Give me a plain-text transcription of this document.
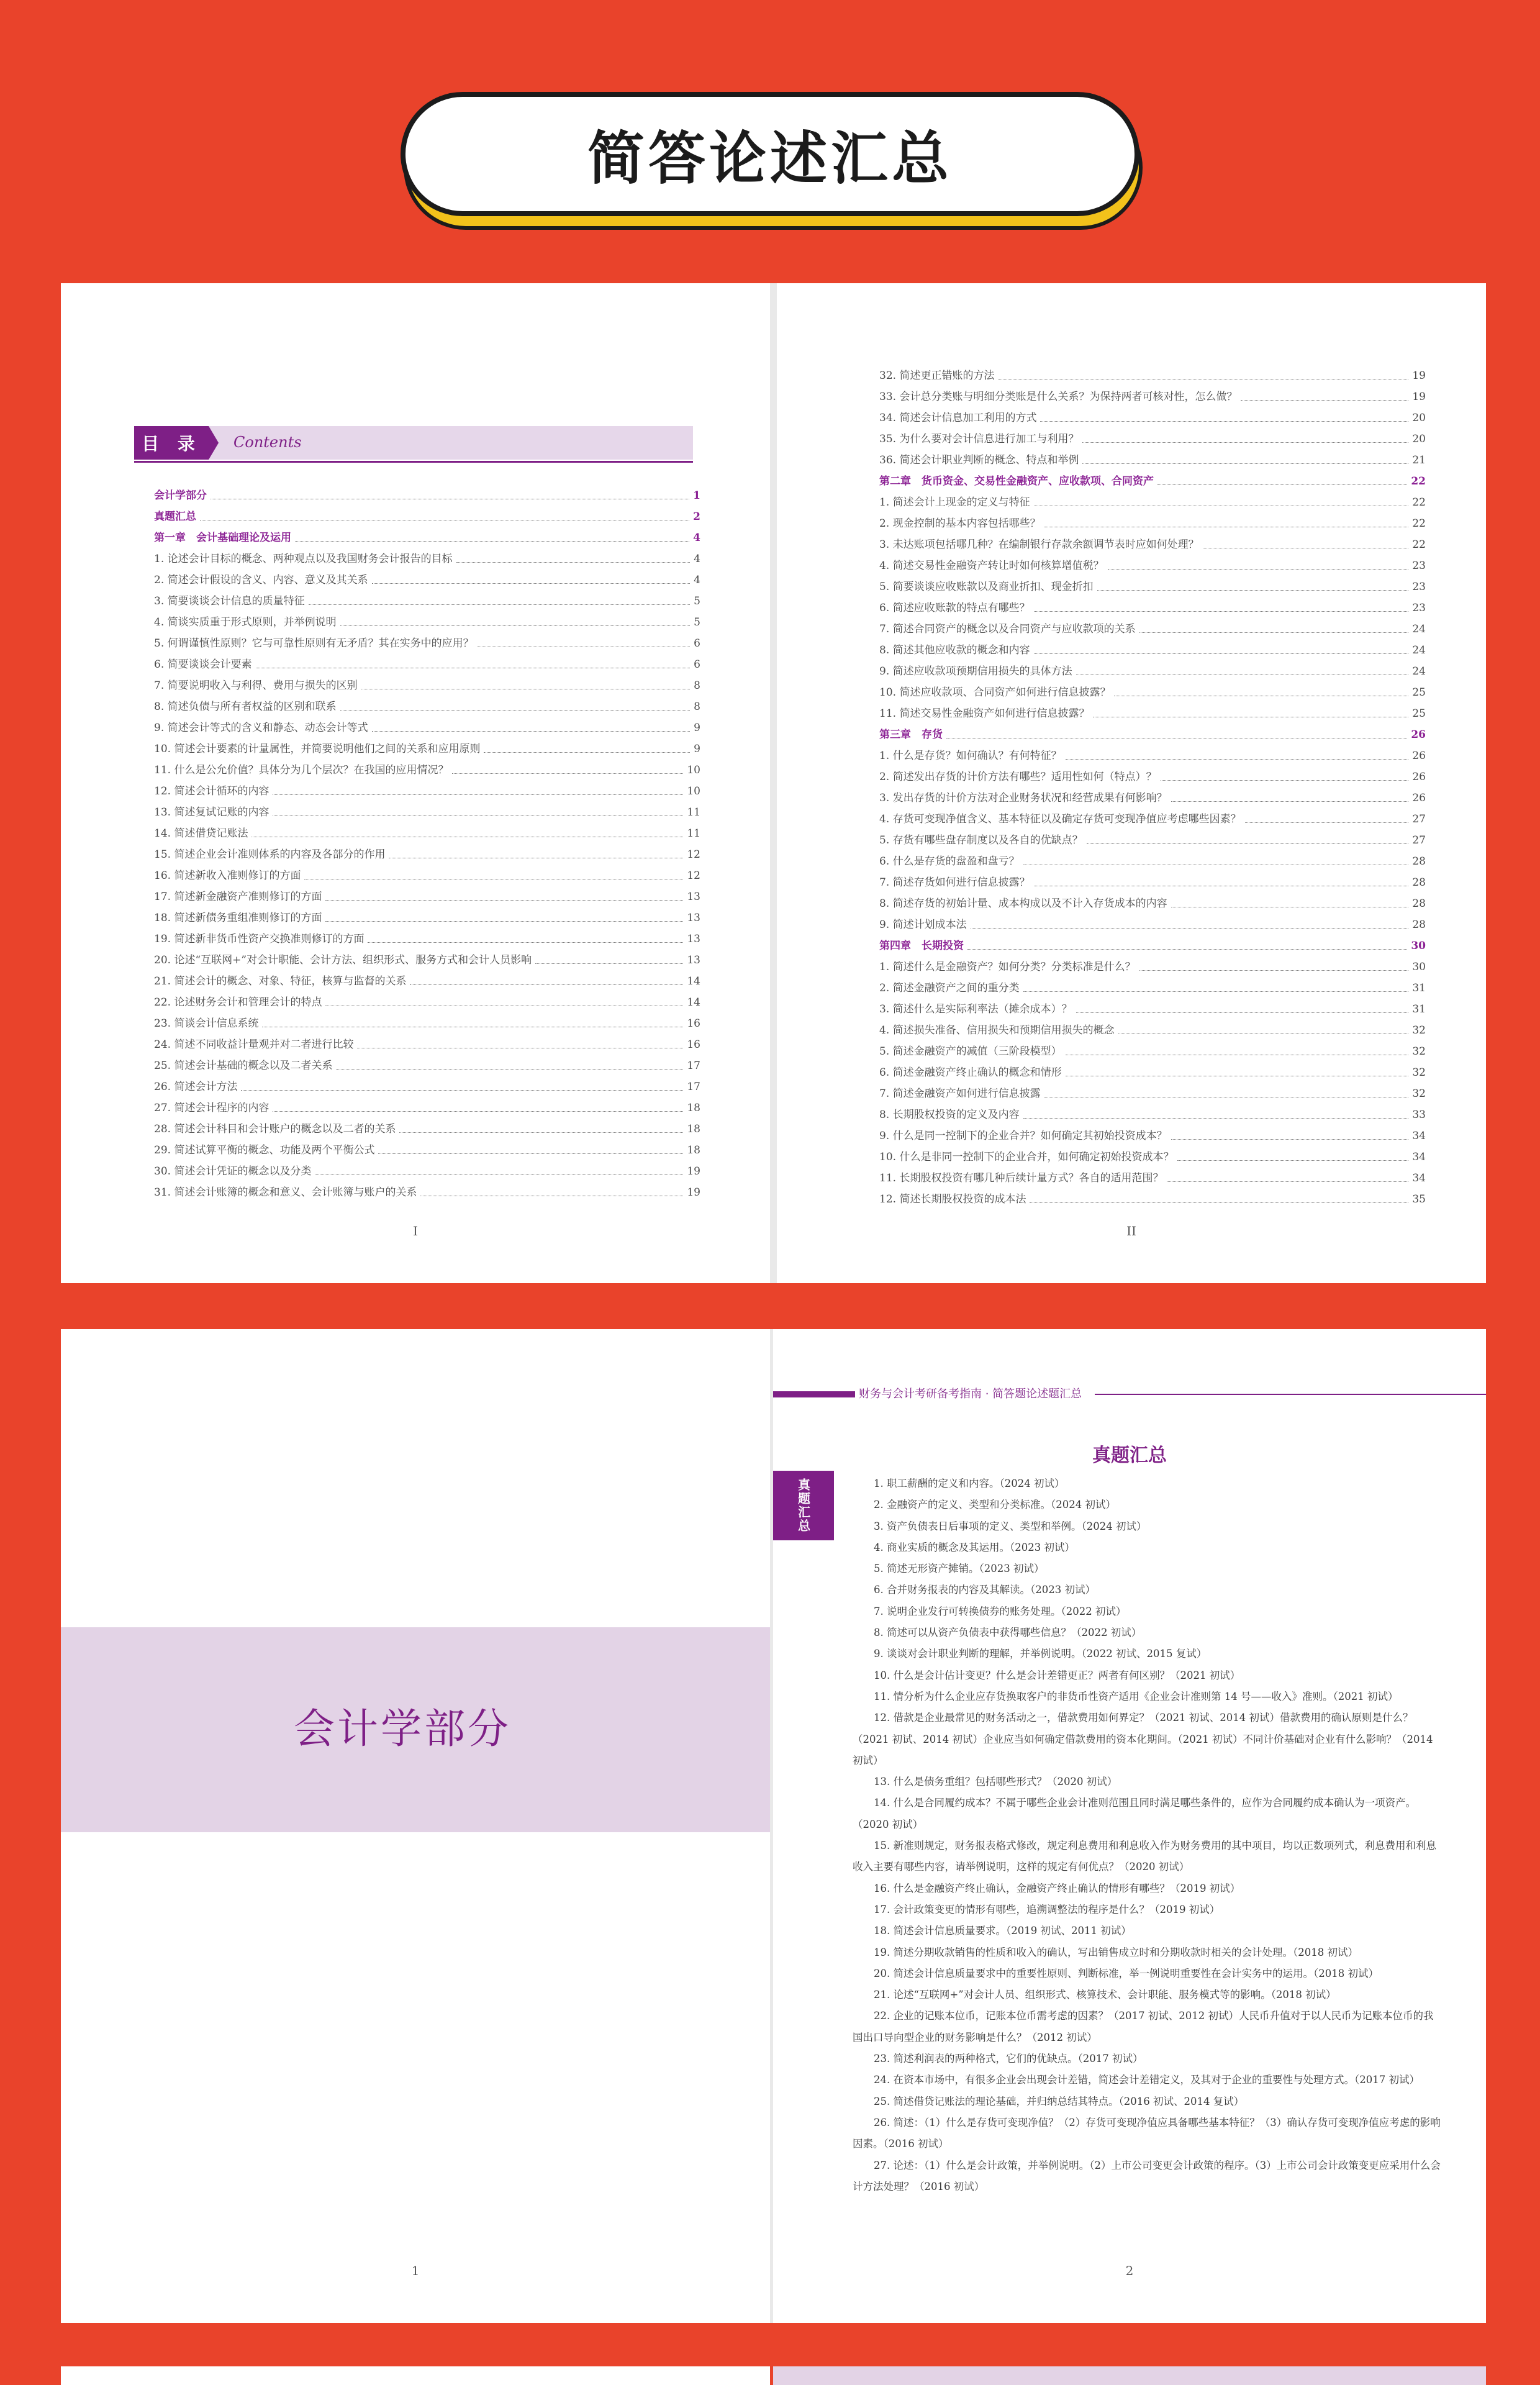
简答论述汇总
目 录	Contents
会计学部分	1
真题汇总	2
第一章　会计基础理论及运用	4
1. 论述会计目标的概念、两种观点以及我国财务会计报告的目标	4
2. 简述会计假设的含义、内容、意义及其关系	4
3. 简要谈谈会计信息的质量特征	5
4. 简谈实质重于形式原则，并举例说明	5
5. 何谓谨慎性原则？它与可靠性原则有无矛盾？其在实务中的应用？	6
6. 简要谈谈会计要素	6
7. 简要说明收入与利得、费用与损失的区别	8
8. 简述负债与所有者权益的区别和联系	8
9. 简述会计等式的含义和静态、动态会计等式	9
10. 简述会计要素的计量属性，并简要说明他们之间的关系和应用原则	9
11. 什么是公允价值？具体分为几个层次？在我国的应用情况？	10
12. 简述会计循环的内容	10
13. 简述复试记账的内容	11
14. 简述借贷记账法	11
15. 简述企业会计准则体系的内容及各部分的作用	12
16. 简述新收入准则修订的方面	12
17. 简述新金融资产准则修订的方面	13
18. 简述新债务重组准则修订的方面	13
19. 简述新非货币性资产交换准则修订的方面	13
20. 论述“互联网+”对会计职能、会计方法、组织形式、服务方式和会计人员影响	13
21. 简述会计的概念、对象、特征，核算与监督的关系	14
22. 论述财务会计和管理会计的特点	14
23. 简谈会计信息系统	16
24. 简述不同收益计量观并对二者进行比较	16
25. 简述会计基础的概念以及二者关系	17
26. 简述会计方法	17
27. 简述会计程序的内容	18
28. 简述会计科目和会计账户的概念以及二者的关系	18
29. 简述试算平衡的概念、功能及两个平衡公式	18
30. 简述会计凭证的概念以及分类	19
31. 简述会计账簿的概念和意义、会计账簿与账户的关系	19
I
32. 简述更正错账的方法	19
33. 会计总分类账与明细分类账是什么关系？为保持两者可核对性，怎么做？	19
34. 简述会计信息加工利用的方式	20
35. 为什么要对会计信息进行加工与利用？	20
36. 简述会计职业判断的概念、特点和举例	21
第二章　货币资金、交易性金融资产、应收款项、合同资产	22
1. 简述会计上现金的定义与特征	22
2. 现金控制的基本内容包括哪些？	22
3. 未达账项包括哪几种？在编制银行存款余额调节表时应如何处理？	22
4. 简述交易性金融资产转让时如何核算增值税？	23
5. 简要谈谈应收账款以及商业折扣、现金折扣	23
6. 简述应收账款的特点有哪些？	23
7. 简述合同资产的概念以及合同资产与应收款项的关系	24
8. 简述其他应收款的概念和内容	24
9. 简述应收款项预期信用损失的具体方法	24
10. 简述应收款项、合同资产如何进行信息披露？	25
11. 简述交易性金融资产如何进行信息披露？	25
第三章　存货	26
1. 什么是存货？如何确认？有何特征？	26
2. 简述发出存货的计价方法有哪些？适用性如何（特点）？	26
3. 发出存货的计价方法对企业财务状况和经营成果有何影响？	26
4. 存货可变现净值含义、基本特征以及确定存货可变现净值应考虑哪些因素？	27
5. 存货有哪些盘存制度以及各自的优缺点？	27
6. 什么是存货的盘盈和盘亏？	28
7. 简述存货如何进行信息披露？	28
8. 简述存货的初始计量、成本构成以及不计入存货成本的内容	28
9. 简述计划成本法	28
第四章　长期投资	30
1. 简述什么是金融资产？如何分类？分类标准是什么？	30
2. 简述金融资产之间的重分类	31
3. 简述什么是实际利率法（摊余成本）？	31
4. 简述损失准备、信用损失和预期信用损失的概念	32
5. 简述金融资产的减值（三阶段模型）	32
6. 简述金融资产终止确认的概念和情形	32
7. 简述金融资产如何进行信息披露	32
8. 长期股权投资的定义及内容	33
9. 什么是同一控制下的企业合并？如何确定其初始投资成本？	34
10. 什么是非同一控制下的企业合并，如何确定初始投资成本？	34
11. 长期股权投资有哪几种后续计量方式？各自的适用范围？	34
12. 简述长期股权投资的成本法	35
II
会计学部分
1
财务与会计考研备考指南 · 简答题论述题汇总
真题汇总
真题汇总
1. 职工薪酬的定义和内容。（2024 初试）
2. 金融资产的定义、类型和分类标准。（2024 初试）
3. 资产负债表日后事项的定义、类型和举例。（2024 初试）
4. 商业实质的概念及其运用。（2023 初试）
5. 简述无形资产摊销。（2023 初试）
6. 合并财务报表的内容及其解读。（2023 初试）
7. 说明企业发行可转换债券的账务处理。（2022 初试）
8. 简述可以从资产负债表中获得哪些信息？（2022 初试）
9. 谈谈对会计职业判断的理解，并举例说明。（2022 初试、2015 复试）
10. 什么是会计估计变更？什么是会计差错更正？两者有何区别？（2021 初试）
11. 情分析为什么企业应存货换取客户的非货币性资产适用《企业会计准则第 14 号——收入》准则。（2021 初试）
12. 借款是企业最常见的财务活动之一，借款费用如何界定？（2021 初试、2014 初试）借款费用的确认原则是什么？（2021 初试、2014 初试）企业应当如何确定借款费用的资本化期间。（2021 初试）不同计价基础对企业有什么影响？（2014 初试）
13. 什么是债务重组？包括哪些形式？（2020 初试）
14. 什么是合同履约成本？不属于哪些企业会计准则范围且同时满足哪些条件的，应作为合同履约成本确认为一项资产。（2020 初试）
15. 新准则规定，财务报表格式修改，规定利息费用和利息收入作为财务费用的其中项目，均以正数项列式，利息费用和利息收入主要有哪些内容，请举例说明，这样的规定有何优点？（2020 初试）
16. 什么是金融资产终止确认，金融资产终止确认的情形有哪些？（2019 初试）
17. 会计政策变更的情形有哪些，追溯调整法的程序是什么？（2019 初试）
18. 简述会计信息质量要求。（2019 初试、2011 初试）
19. 简述分期收款销售的性质和收入的确认，写出销售成立时和分期收款时相关的会计处理。（2018 初试）
20. 简述会计信息质量要求中的重要性原则、判断标准，举一例说明重要性在会计实务中的运用。（2018 初试）
21. 论述“互联网+”对会计人员、组织形式、核算技术、会计职能、服务模式等的影响。（2018 初试）
22. 企业的记账本位币，记账本位币需考虑的因素？（2017 初试、2012 初试）人民币升值对于以人民币为记账本位币的我国出口导向型企业的财务影响是什么？（2012 初试）
23. 简述利润表的两种格式，它们的优缺点。（2017 初试）
24. 在资本市场中，有很多企业会出现会计差错，简述会计差错定义，及其对于企业的重要性与处理方式。（2017 初试）
25. 简述借贷记账法的理论基础，并归纳总结其特点。（2016 初试、2014 复试）
26. 简述：（1）什么是存货可变现净值？（2）存货可变现净值应具备哪些基本特征？（3）确认存货可变现净值应考虑的影响因素。（2016 初试）
27. 论述：（1）什么是会计政策，并举例说明。（2）上市公司变更会计政策的程序。（3）上市公司会计政策变更应采用什么会计方法处理？（2016 初试）
2
